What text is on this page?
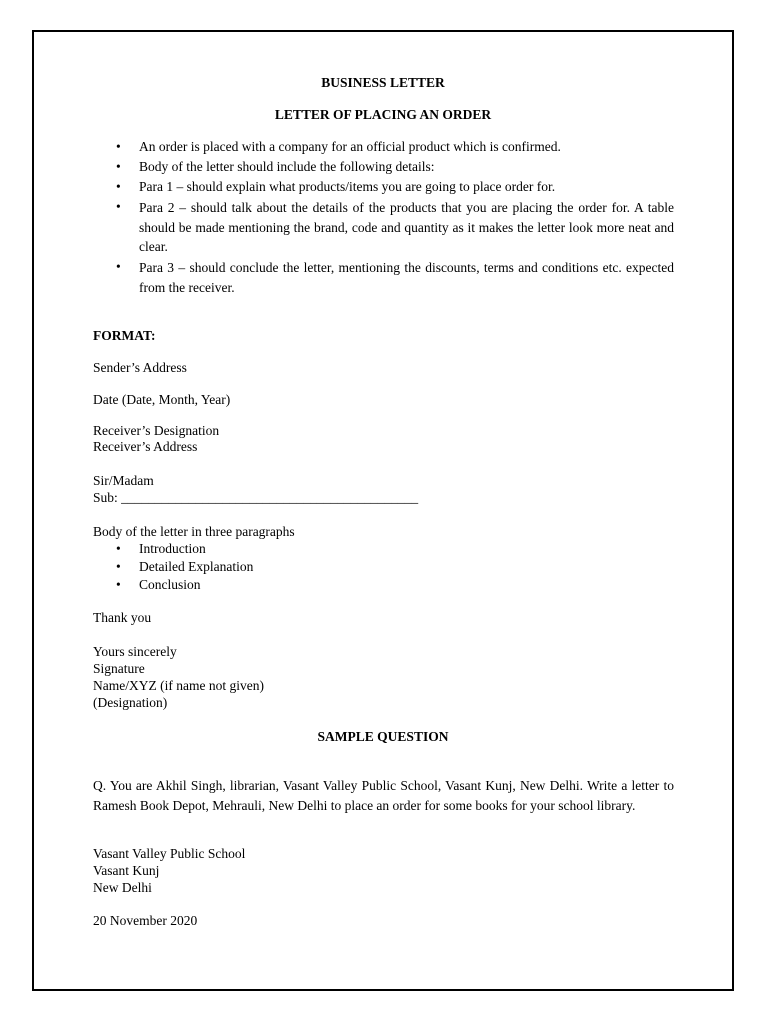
BUSINESS LETTER
LETTER OF PLACING AN ORDER
• An order is placed with a company for an official product which is confirmed.
• Body of the letter should include the following details:
• Para 1 – should explain what products/items you are going to place order for.
• Para 2 – should talk about the details of the products that you are placing the order for. A table should be made mentioning the brand, code and quantity as it makes the letter look more neat and clear.
• Para 3 – should conclude the letter, mentioning the discounts, terms and conditions etc. expected from the receiver.
FORMAT:
Sender’s Address
Date (Date, Month, Year)
Receiver’s Designation
Receiver’s Address
Sir/Madam
Sub: ____________________________________________
Body of the letter in three paragraphs
• Introduction
• Detailed Explanation
• Conclusion
Thank you
Yours sincerely
Signature
Name/XYZ (if name not given)
(Designation)
SAMPLE QUESTION
Q. You are Akhil Singh, librarian, Vasant Valley Public School, Vasant Kunj, New Delhi. Write a letter to Ramesh Book Depot, Mehrauli, New Delhi to place an order for some books for your school library.
Vasant Valley Public School
Vasant Kunj
New Delhi
20 November 2020
